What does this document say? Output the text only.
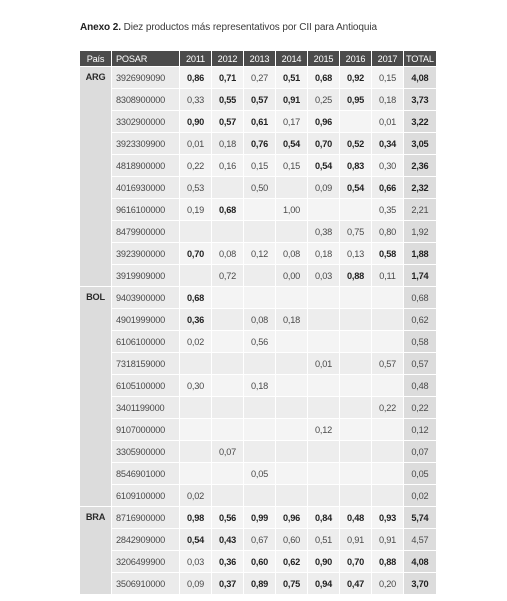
Anexo 2. Diez productos más representativos por CII para Antioquia
País	POSAR	2011	2012	2013	2014	2015	2016	2017	TOTAL
ARG	3926909090	0,86	0,71	0,27	0,51	0,68	0,92	0,15	4,08
	8308900000	0,33	0,55	0,57	0,91	0,25	0,95	0,18	3,73
	3302900000	0,90	0,57	0,61	0,17	0,96		0,01	3,22
	3923309900	0,01	0,18	0,76	0,54	0,70	0,52	0,34	3,05
	4818900000	0,22	0,16	0,15	0,15	0,54	0,83	0,30	2,36
	4016930000	0,53		0,50		0,09	0,54	0,66	2,32
	9616100000	0,19	0,68		1,00			0,35	2,21
	8479900000					0,38	0,75	0,80	1,92
	3923900000	0,70	0,08	0,12	0,08	0,18	0,13	0,58	1,88
	3919909000		0,72		0,00	0,03	0,88	0,11	1,74
BOL	9403900000	0,68							0,68
	4901999000	0,36		0,08	0,18				0,62
	6106100000	0,02		0,56					0,58
	7318159000					0,01		0,57	0,57
	6105100000	0,30		0,18					0,48
	3401199000							0,22	0,22
	9107000000					0,12			0,12
	3305900000		0,07						0,07
	8546901000			0,05					0,05
	6109100000	0,02							0,02
BRA	8716900000	0,98	0,56	0,99	0,96	0,84	0,48	0,93	5,74
	2842909000	0,54	0,43	0,67	0,60	0,51	0,91	0,91	4,57
	3206499900	0,03	0,36	0,60	0,62	0,90	0,70	0,88	4,08
	3506910000	0,09	0,37	0,89	0,75	0,94	0,47	0,20	3,70
